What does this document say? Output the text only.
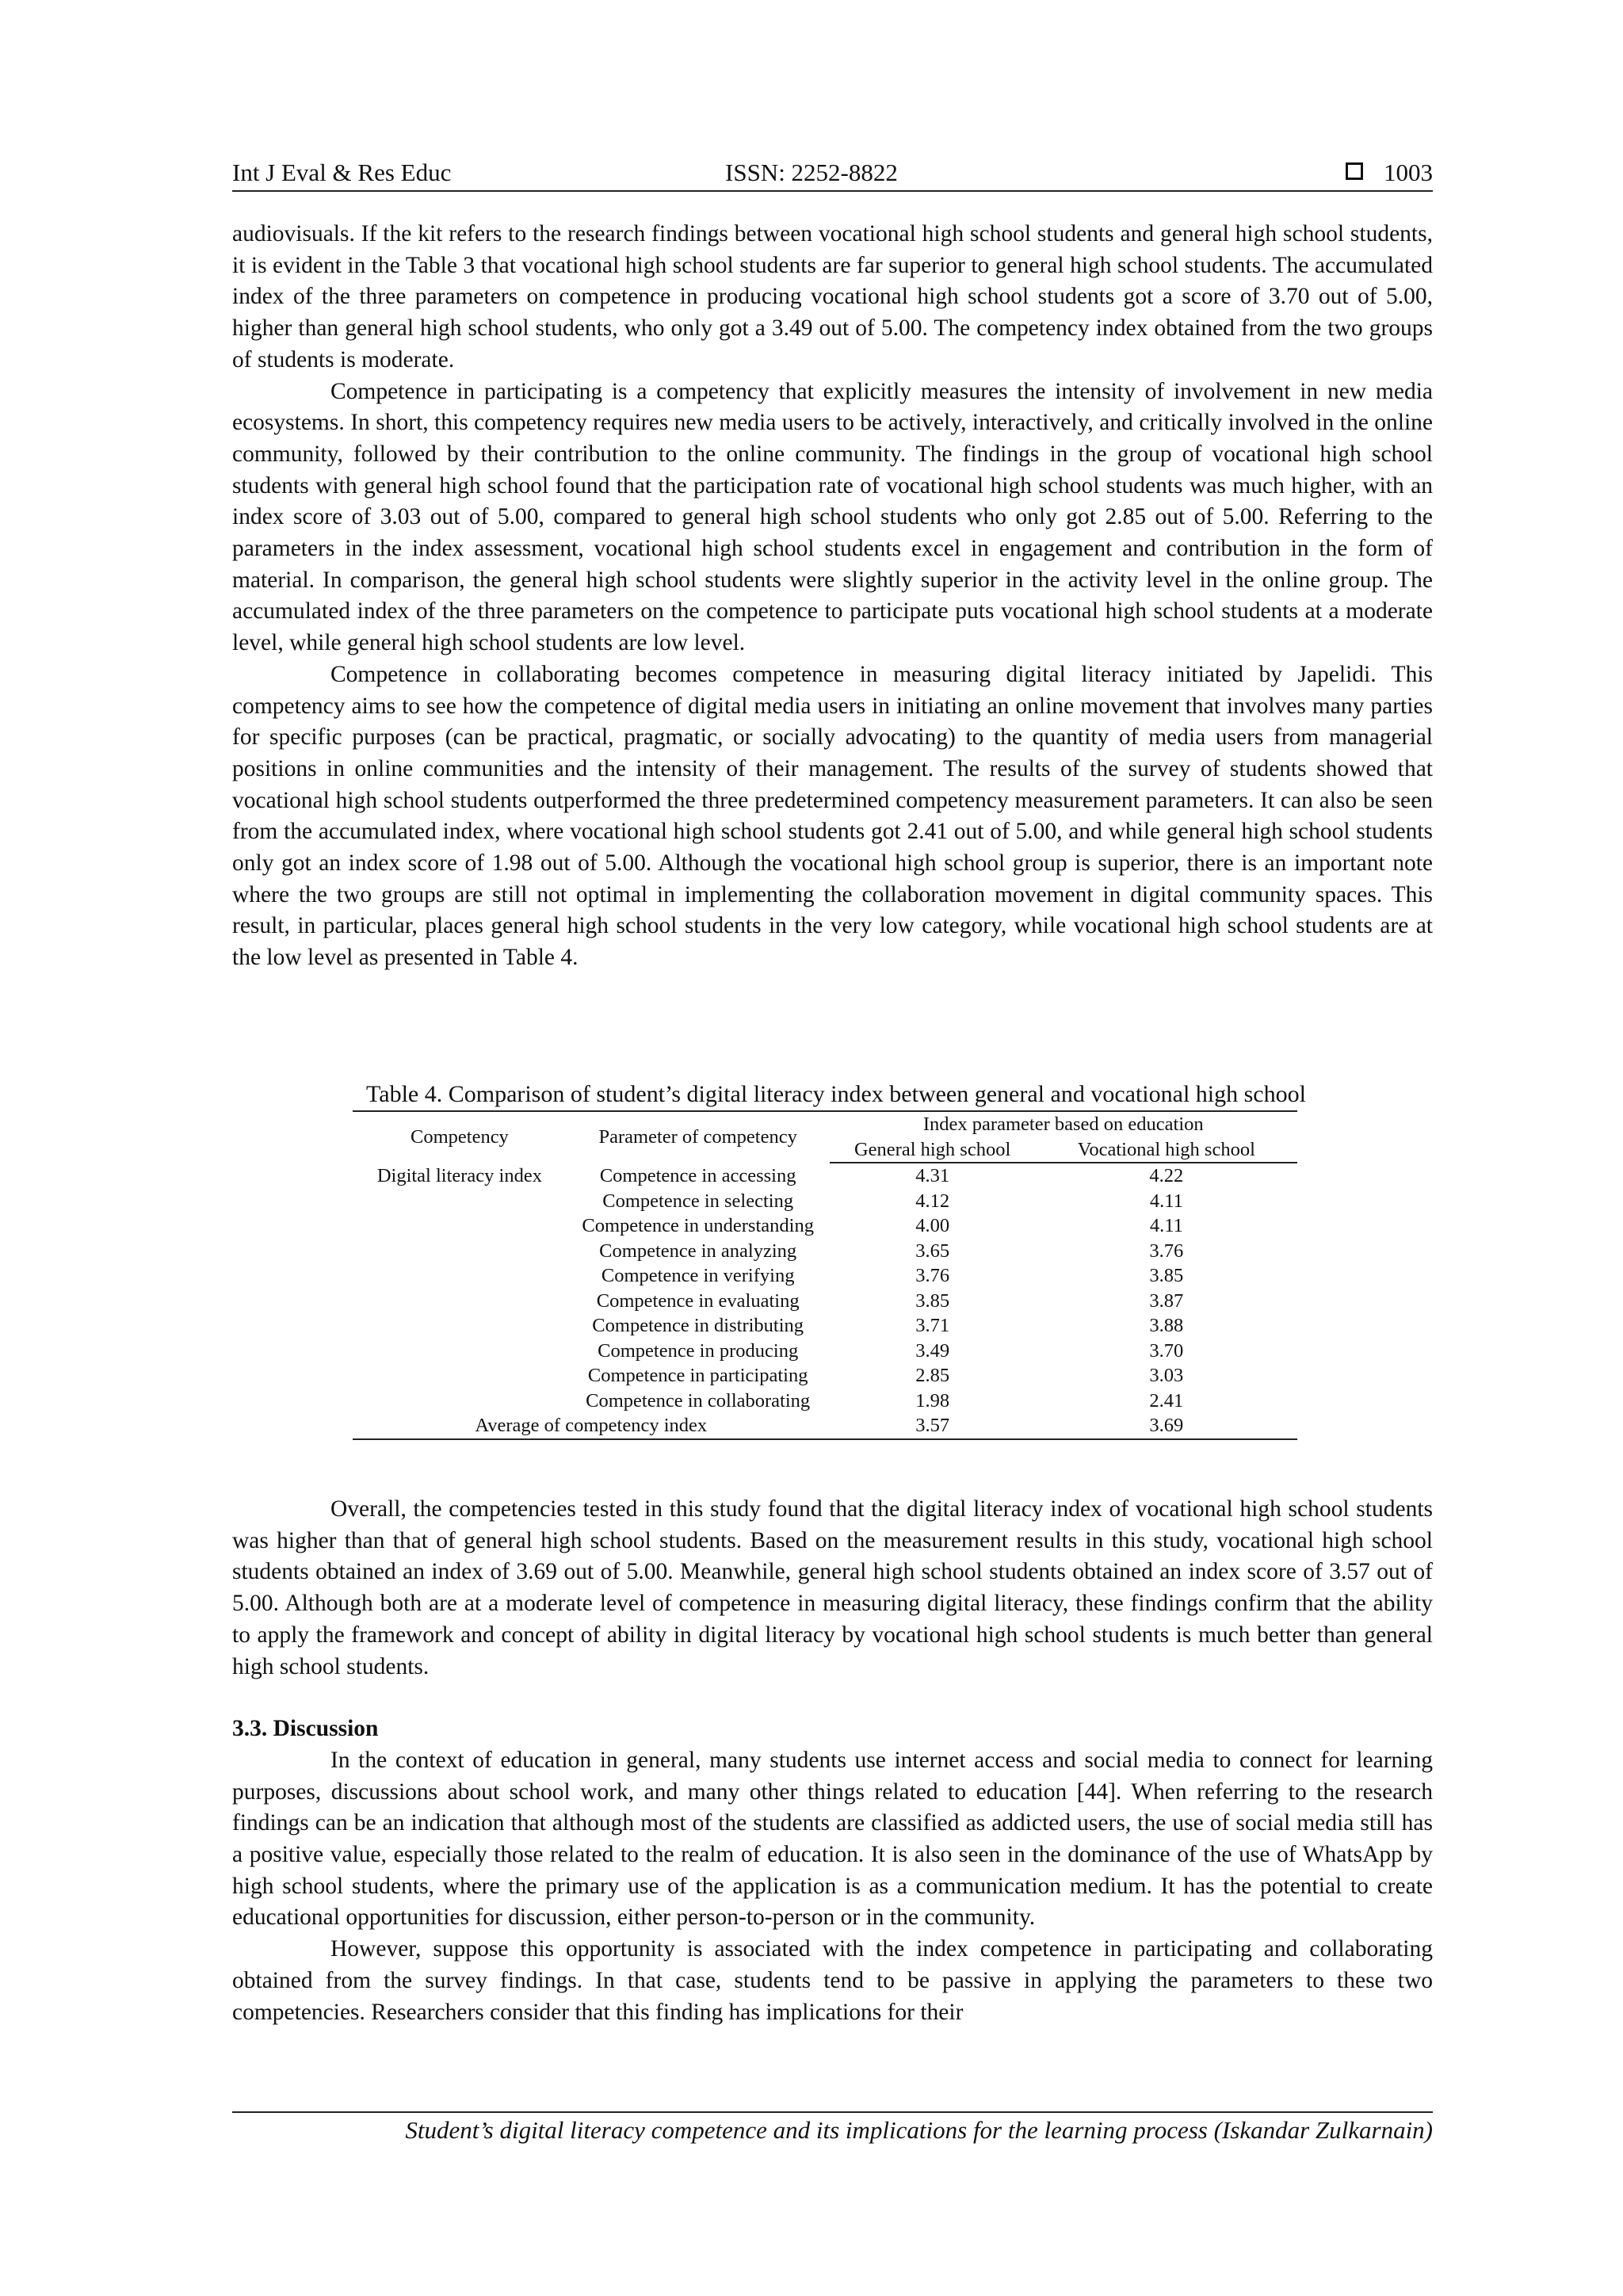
Int J Eval & Res Educ	ISSN: 2252-8822	1003

audiovisuals. If the kit refers to the research findings between vocational high school students and general high school students, it is evident in the Table 3 that vocational high school students are far superior to general high school students. The accumulated index of the three parameters on competence in producing vocational high school students got a score of 3.70 out of 5.00, higher than general high school students, who only got a 3.49 out of 5.00. The competency index obtained from the two groups of students is moderate.

Competence in participating is a competency that explicitly measures the intensity of involvement in new media ecosystems. In short, this competency requires new media users to be actively, interactively, and critically involved in the online community, followed by their contribution to the online community. The findings in the group of vocational high school students with general high school found that the participation rate of vocational high school students was much higher, with an index score of 3.03 out of 5.00, compared to general high school students who only got 2.85 out of 5.00. Referring to the parameters in the index assessment, vocational high school students excel in engagement and contribution in the form of material. In comparison, the general high school students were slightly superior in the activity level in the online group. The accumulated index of the three parameters on the competence to participate puts vocational high school students at a moderate level, while general high school students are low level.

Competence in collaborating becomes competence in measuring digital literacy initiated by Japelidi. This competency aims to see how the competence of digital media users in initiating an online movement that involves many parties for specific purposes (can be practical, pragmatic, or socially advocating) to the quantity of media users from managerial positions in online communities and the intensity of their management. The results of the survey of students showed that vocational high school students outperformed the three predetermined competency measurement parameters. It can also be seen from the accumulated index, where vocational high school students got 2.41 out of 5.00, and while general high school students only got an index score of 1.98 out of 5.00. Although the vocational high school group is superior, there is an important note where the two groups are still not optimal in implementing the collaboration movement in digital community spaces. This result, in particular, places general high school students in the very low category, while vocational high school students are at the low level as presented in Table 4.

Table 4. Comparison of student’s digital literacy index between general and vocational high school

Competency	Parameter of competency	Index parameter based on education	
		General high school	Vocational high school
Digital literacy index	Competence in accessing	4.31	4.22
	Competence in selecting	4.12	4.11
	Competence in understanding	4.00	4.11
	Competence in analyzing	3.65	3.76
	Competence in verifying	3.76	3.85
	Competence in evaluating	3.85	3.87
	Competence in distributing	3.71	3.88
	Competence in producing	3.49	3.70
	Competence in participating	2.85	3.03
	Competence in collaborating	1.98	2.41
Average of competency index		3.57	3.69

Overall, the competencies tested in this study found that the digital literacy index of vocational high school students was higher than that of general high school students. Based on the measurement results in this study, vocational high school students obtained an index of 3.69 out of 5.00. Meanwhile, general high school students obtained an index score of 3.57 out of 5.00. Although both are at a moderate level of competence in measuring digital literacy, these findings confirm that the ability to apply the framework and concept of ability in digital literacy by vocational high school students is much better than general high school students.

3.3. Discussion

In the context of education in general, many students use internet access and social media to connect for learning purposes, discussions about school work, and many other things related to education [44]. When referring to the research findings can be an indication that although most of the students are classified as addicted users, the use of social media still has a positive value, especially those related to the realm of education. It is also seen in the dominance of the use of WhatsApp by high school students, where the primary use of the application is as a communication medium. It has the potential to create educational opportunities for discussion, either person-to-person or in the community.

However, suppose this opportunity is associated with the index competence in participating and collaborating obtained from the survey findings. In that case, students tend to be passive in applying the parameters to these two competencies. Researchers consider that this finding has implications for their

Student’s digital literacy competence and its implications for the learning process (Iskandar Zulkarnain)
